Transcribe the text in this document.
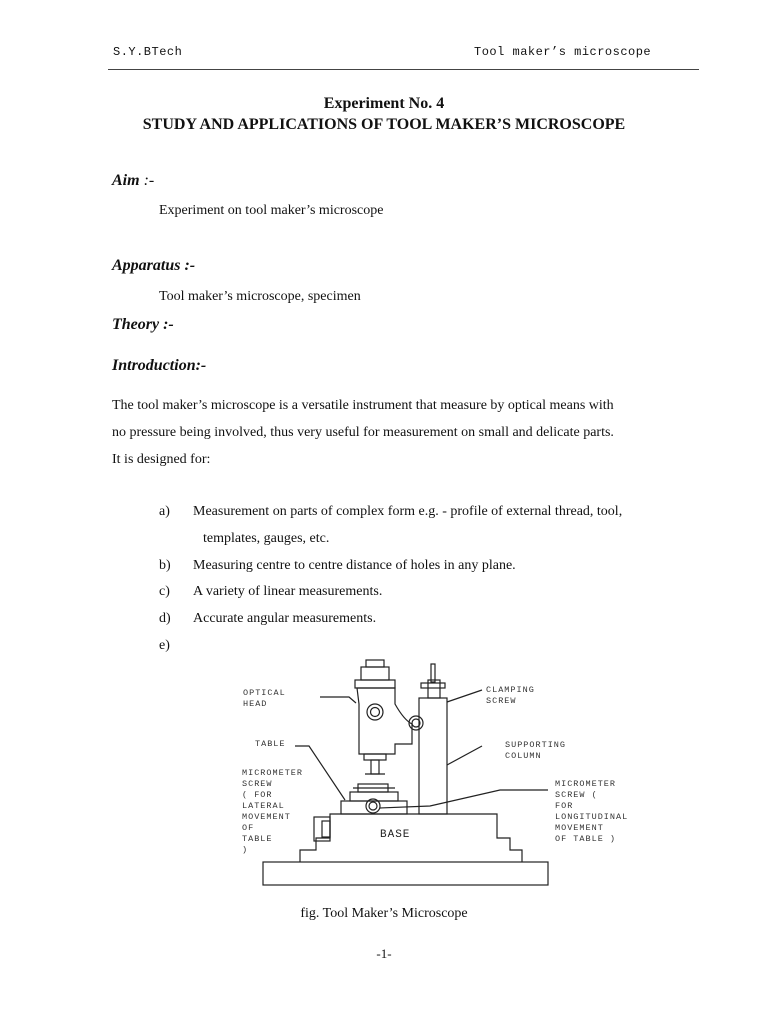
S.Y.BTech	Tool maker’s microscope
Experiment No. 4
STUDY AND APPLICATIONS OF TOOL MAKER’S MICROSCOPE
Aim :-
Experiment on tool maker’s microscope
Apparatus :-
Tool maker’s microscope, specimen
Theory :-
Introduction:-
The tool maker’s microscope is a versatile instrument that measure by optical means with
no pressure being involved, thus very useful for measurement on small and delicate parts.
It is designed for:
a) Measurement on parts of complex form e.g. - profile of external thread, tool,
templates, gauges, etc.
b) Measuring centre to centre distance of holes in any plane.
c) A variety of linear measurements.
d) Accurate angular measurements.
e)
BASE
OPTICAL
HEAD
CLAMPING
SCREW
TABLE	SUPPORTING
COLUMN
MICROMETER
SCREW
( FOR
LATERAL
MOVEMENT
OF
TABLE
)
MICROMETER
SCREW (
FOR
LONGITUDINAL
MOVEMENT
OF TABLE )
fig. Tool Maker’s Microscope
-1-
